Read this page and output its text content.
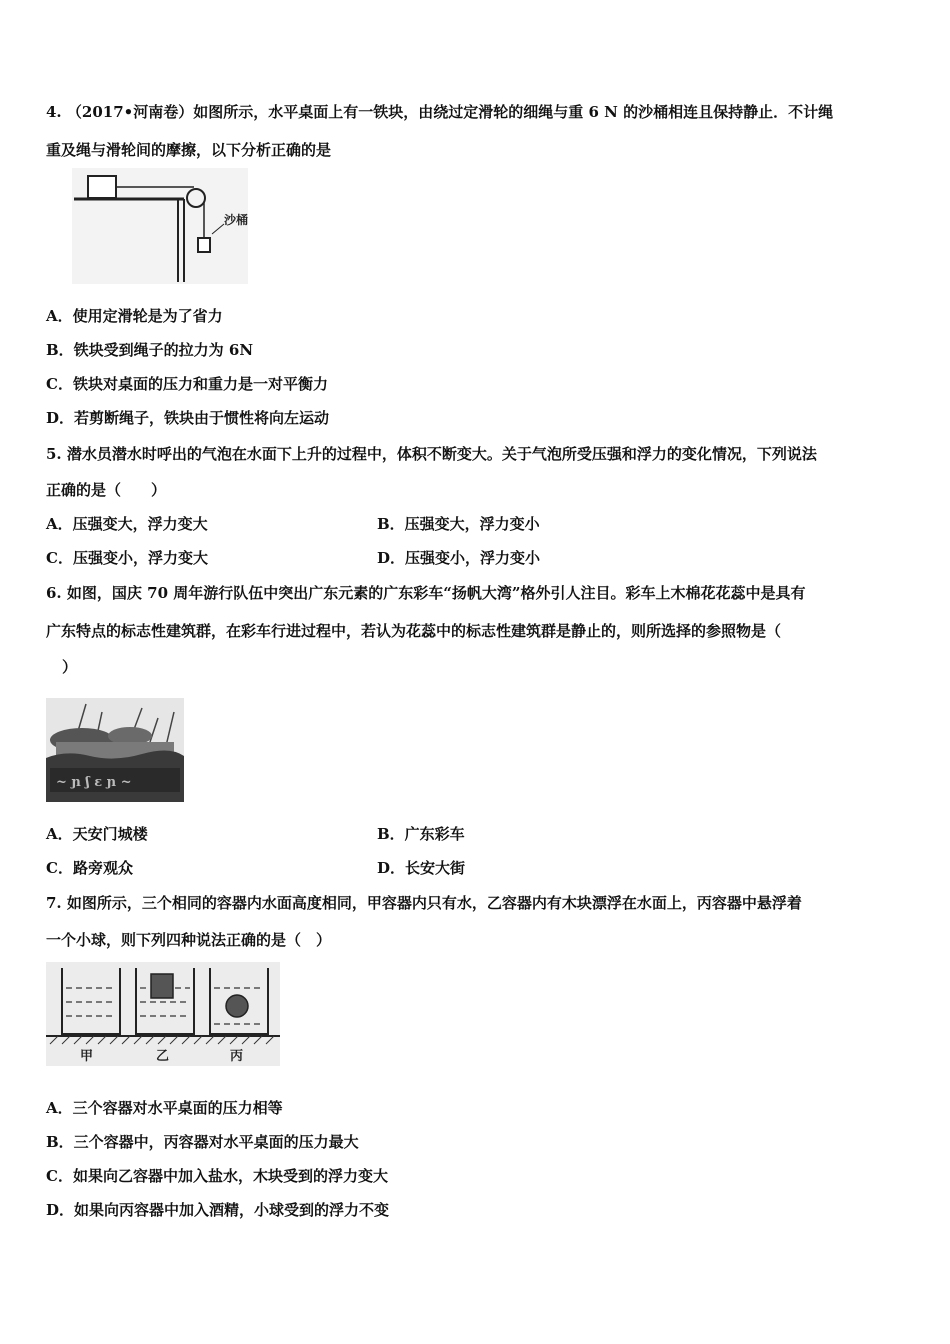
4. （2017•河南卷）如图所示，水平桌面上有一铁块，由绕过定滑轮的细绳与重 6 N 的沙桶相连且保持静止．不计绳
重及绳与滑轮间的摩擦，以下分析正确的是
沙桶
A．使用定滑轮是为了省力
B．铁块受到绳子的拉力为 6N
C．铁块对桌面的压力和重力是一对平衡力
D．若剪断绳子，铁块由于惯性将向左运动
5. 潜水员潜水时呼出的气泡在水面下上升的过程中，体积不断变大。关于气泡所受压强和浮力的变化情况，下列说法
正确的是（　　）
A．压强变大，浮力变大	B．压强变大，浮力变小
C．压强变小，浮力变大	D．压强变小，浮力变小
6. 如图，国庆 70 周年游行队伍中突出广东元素的广东彩车“扬帆大湾”格外引人注目。彩车上木棉花花蕊中是具有
广东特点的标志性建筑群，在彩车行进过程中，若认为花蕊中的标志性建筑群是静止的，则所选择的参照物是（
）
~ ɲ ʃ ɛ ɲ ~
A．天安门城楼	B．广东彩车
C．路旁观众	D．长安大街
7. 如图所示，三个相同的容器内水面高度相同，甲容器内只有水，乙容器内有木块漂浮在水面上，丙容器中悬浮着
一个小球，则下列四种说法正确的是（　）
甲	乙	丙
A．三个容器对水平桌面的压力相等
B．三个容器中，丙容器对水平桌面的压力最大
C．如果向乙容器中加入盐水，木块受到的浮力变大
D．如果向丙容器中加入酒精，小球受到的浮力不变
